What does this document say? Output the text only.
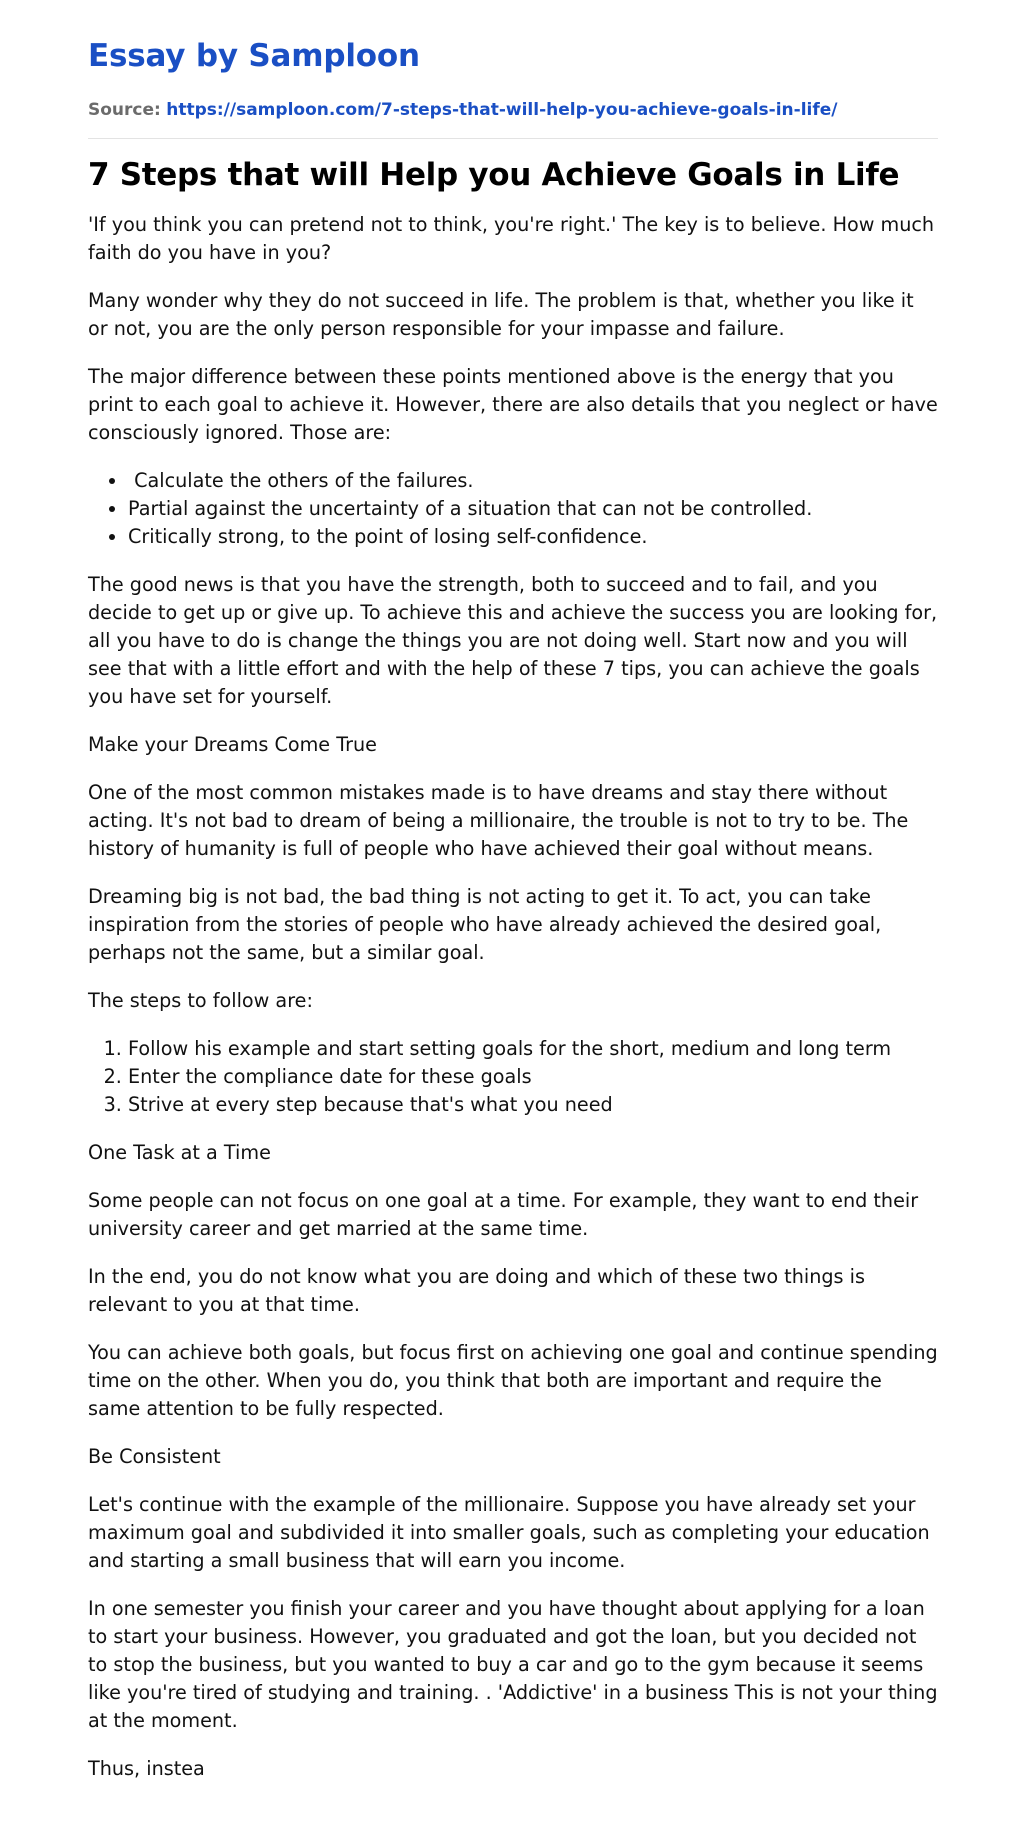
Essay by Samploon
Source: https://samploon.com/7-steps-that-will-help-you-achieve-goals-in-life/
7 Steps that will Help you Achieve Goals in Life

'If you think you can pretend not to think, you're right.' The key is to believe. How much faith do you have in you?

Many wonder why they do not succeed in life. The problem is that, whether you like it or not, you are the only person responsible for your impasse and failure.

The major difference between these points mentioned above is the energy that you print to each goal to achieve it. However, there are also details that you neglect or have consciously ignored. Those are:

•  Calculate the others of the failures.
• Partial against the uncertainty of a situation that can not be controlled.
• Critically strong, to the point of losing self-confidence.

The good news is that you have the strength, both to succeed and to fail, and you decide to get up or give up. To achieve this and achieve the success you are looking for, all you have to do is change the things you are not doing well. Start now and you will see that with a little effort and with the help of these 7 tips, you can achieve the goals you have set for yourself.

Make your Dreams Come True

One of the most common mistakes made is to have dreams and stay there without acting. It's not bad to dream of being a millionaire, the trouble is not to try to be. The history of humanity is full of people who have achieved their goal without means.

Dreaming big is not bad, the bad thing is not acting to get it. To act, you can take inspiration from the stories of people who have already achieved the desired goal, perhaps not the same, but a similar goal.

The steps to follow are:

1. Follow his example and start setting goals for the short, medium and long term
2. Enter the compliance date for these goals
3. Strive at every step because that's what you need

One Task at a Time

Some people can not focus on one goal at a time. For example, they want to end their university career and get married at the same time.

In the end, you do not know what you are doing and which of these two things is relevant to you at that time.

You can achieve both goals, but focus first on achieving one goal and continue spending time on the other. When you do, you think that both are important and require the same attention to be fully respected.

Be Consistent

Let's continue with the example of the millionaire. Suppose you have already set your maximum goal and subdivided it into smaller goals, such as completing your education and starting a small business that will earn you income.

In one semester you finish your career and you have thought about applying for a loan to start your business. However, you graduated and got the loan, but you decided not to stop the business, but you wanted to buy a car and go to the gym because it seems like you're tired of studying and training. . 'Addictive' in a business This is not your thing at the moment.

Thus, instea
